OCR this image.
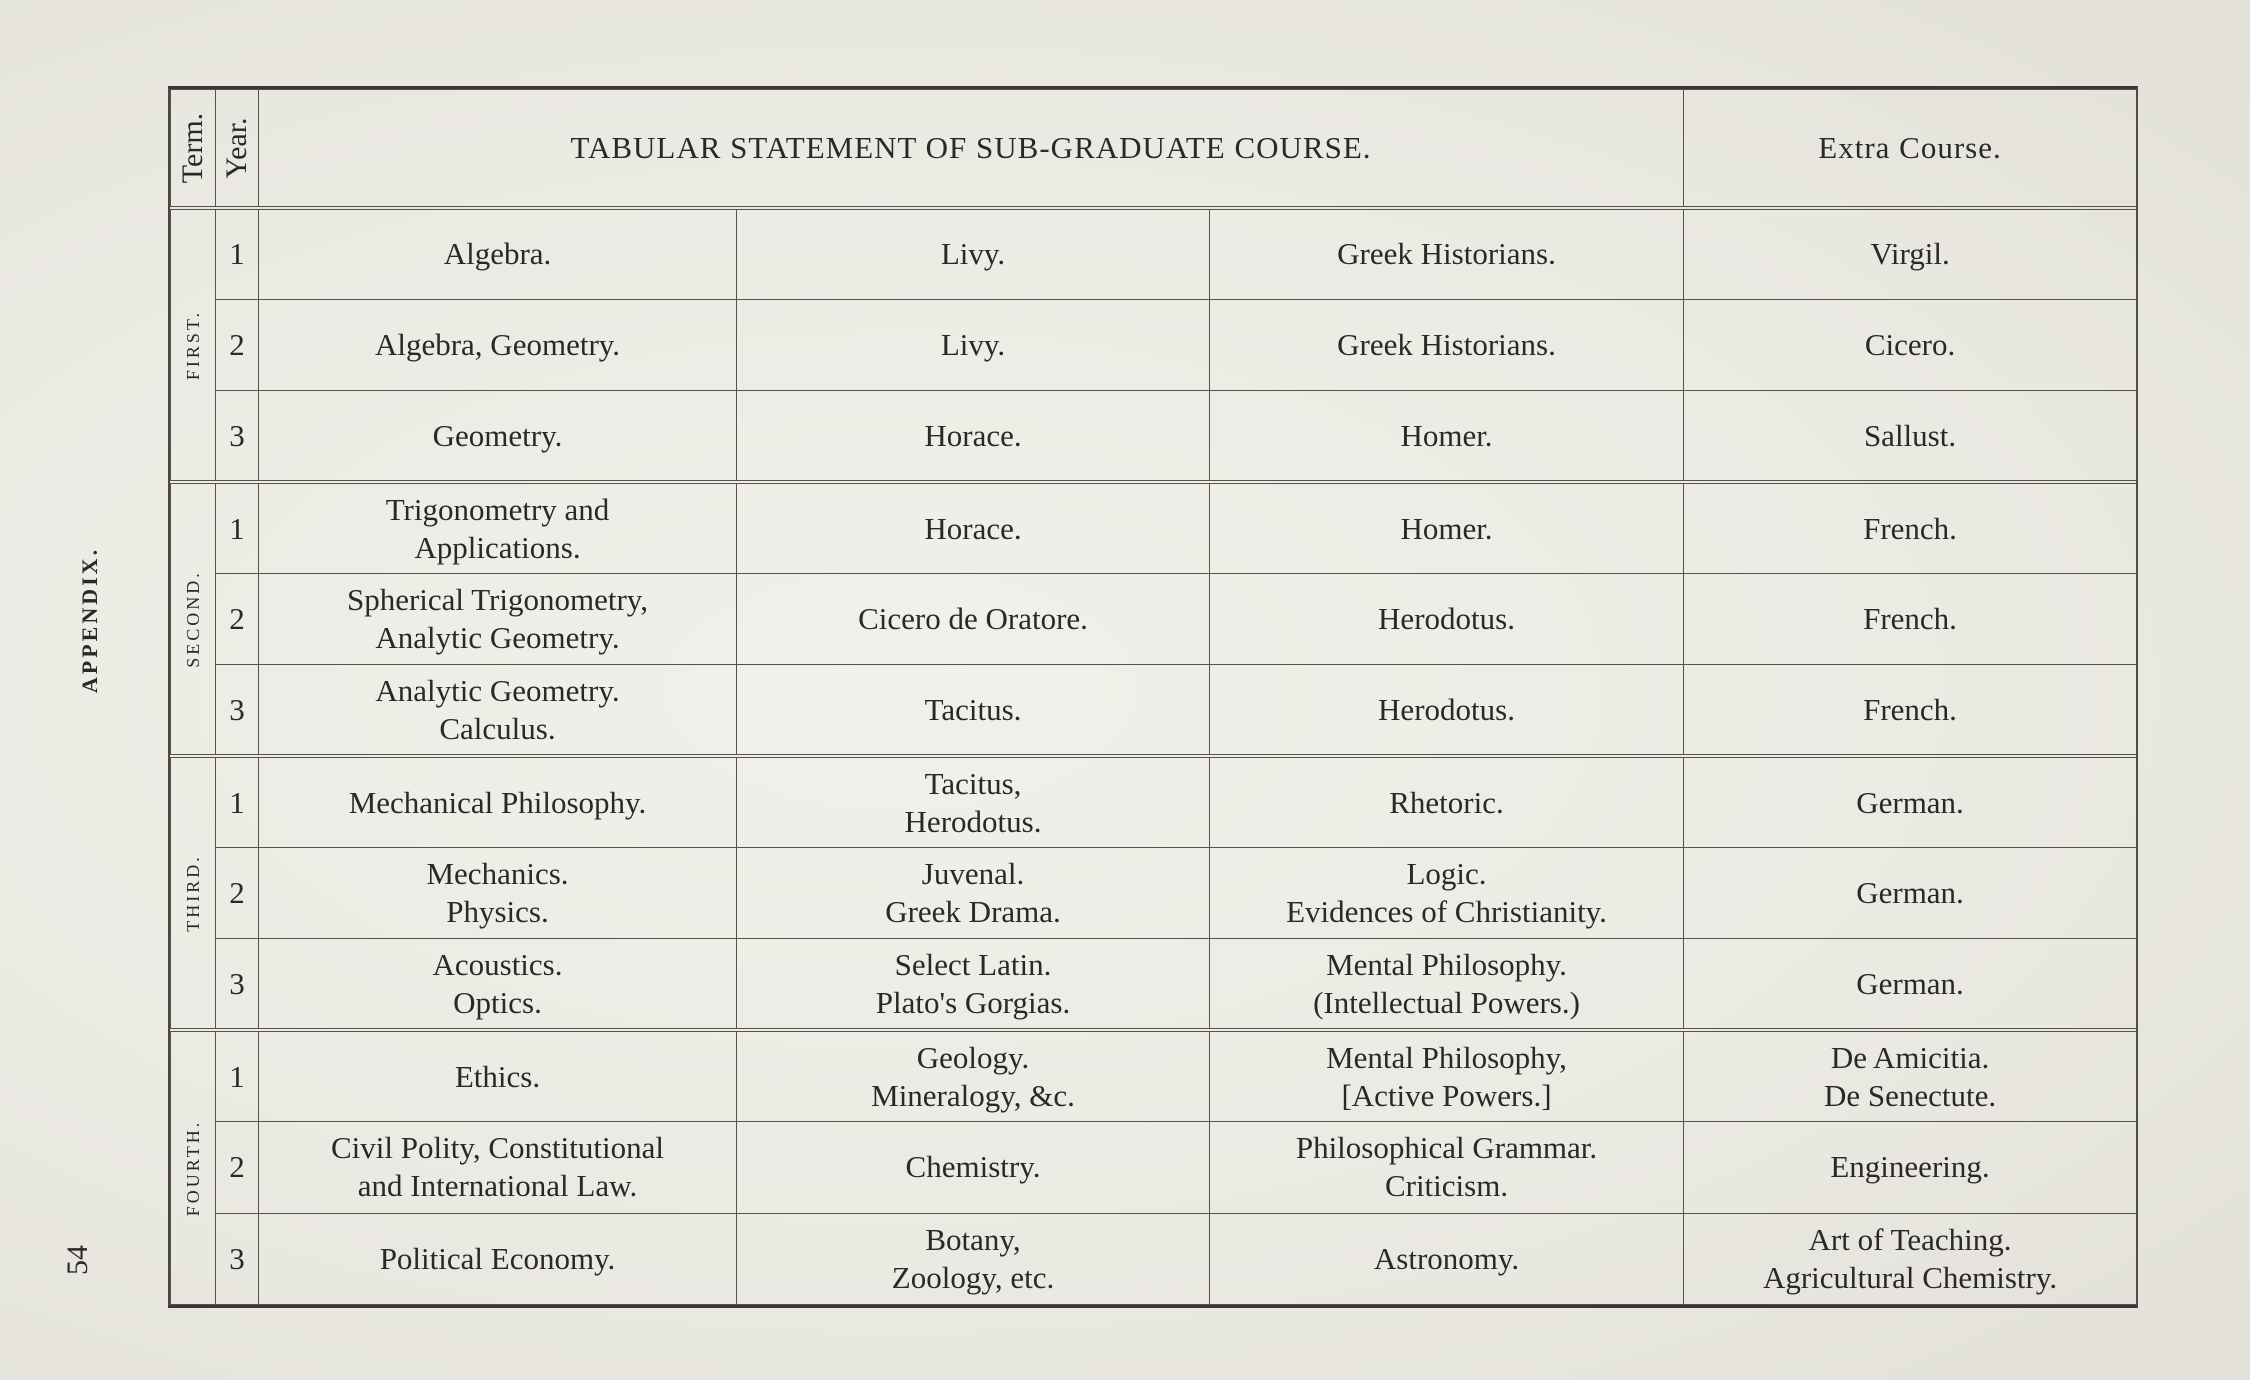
APPENDIX.
54
Term.	Year.	TABULAR STATEMENT OF SUB-GRADUATE COURSE.			Extra Course.

FIRST.	1	Algebra.	Livy.	Greek Historians.	Virgil.

	2	Algebra, Geometry.	Livy.	Greek Historians.	Cicero.

	3	Geometry.	Horace.	Homer.	Sallust.

SECOND.	1	Trigonometry and
Applications.	Horace.	Homer.	French.

	2	Spherical Trigonometry,
Analytic Geometry.	Cicero de Oratore.	Herodotus.	French.

	3	Analytic Geometry.
Calculus.	Tacitus.	Herodotus.	French.

THIRD.	1	Mechanical Philosophy.	Tacitus,
Herodotus.	Rhetoric.	German.

	2	Mechanics.
Physics.	Juvenal.
Greek Drama.	Logic.
Evidences of Christianity.	German.

	3	Acoustics.
Optics.	Select Latin.
Plato's Gorgias.	Mental Philosophy.
(Intellectual Powers.)	German.

FOURTH.	1	Ethics.	Geology.
Mineralogy, &c.	Mental Philosophy,
[Active Powers.]	De Amicitia.
De Senectute.

	2	Civil Polity, Constitutional
and International Law.	Chemistry.	Philosophical Grammar.
Criticism.	Engineering.

	3	Political Economy.	Botany,
Zoology, etc.	Astronomy.	Art of Teaching.
Agricultural Chemistry.
